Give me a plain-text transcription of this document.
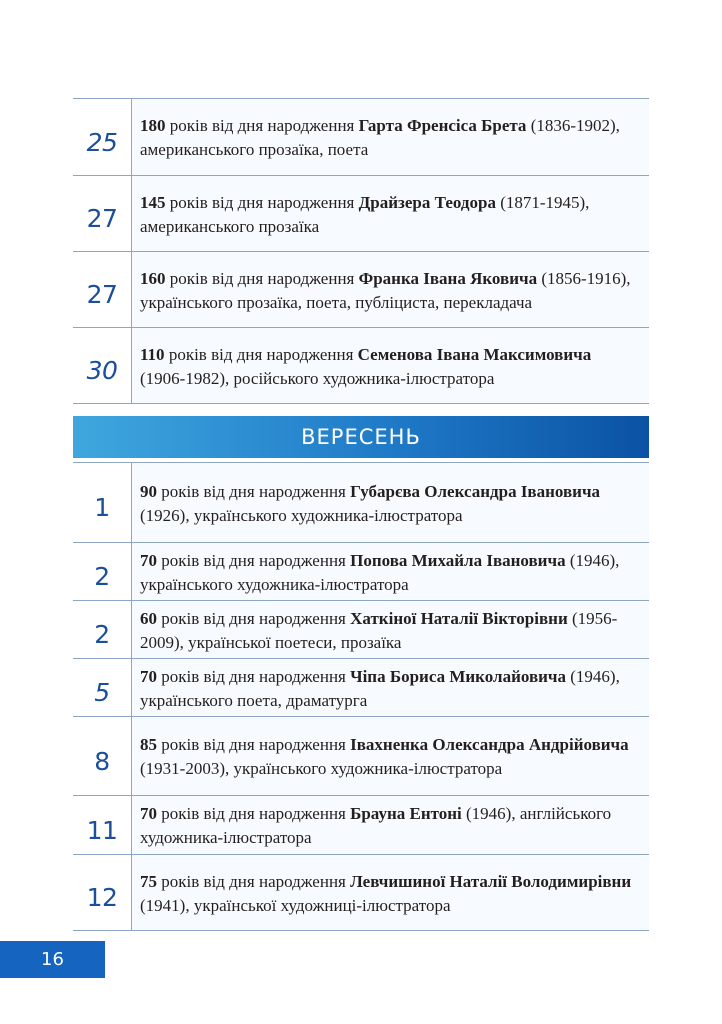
25
180 років від дня народження Гарта Френсіса Брета (1836-1902), американського прозаїка, поета
27
145 років від дня народження Драйзера Теодора (1871-1945), американського прозаїка
27
160 років від дня народження Франка Івана Яковича (1856-1916), українського прозаїка, поета, публіциста, перекладача
30
110 років від дня народження Семенова Івана Максимовича (1906-1982), російського художника-ілюстратора
ВЕРЕСЕНЬ
1
90 років від дня народження Губарєва Олександра Івановича (1926), українського художника-ілюстратора
2
70 років від дня народження Попова Михайла Івановича (1946), українського художника-ілюстратора
2
60 років від дня народження Хаткіної Наталії Вікторівни (1956-2009), української поетеси, прозаїка
5
70 років від дня народження Чіпа Бориса Миколайовича (1946), українського поета, драматурга
8
85 років від дня народження Івахненка Олександра Андрійовича (1931-2003), українського художника-ілюстратора
11
70 років від дня народження Брауна Ентоні (1946), англійського художника-ілюстратора
12
75 років від дня народження Левчишиної Наталії Володимирівни (1941), української художниці-ілюстратора
16
